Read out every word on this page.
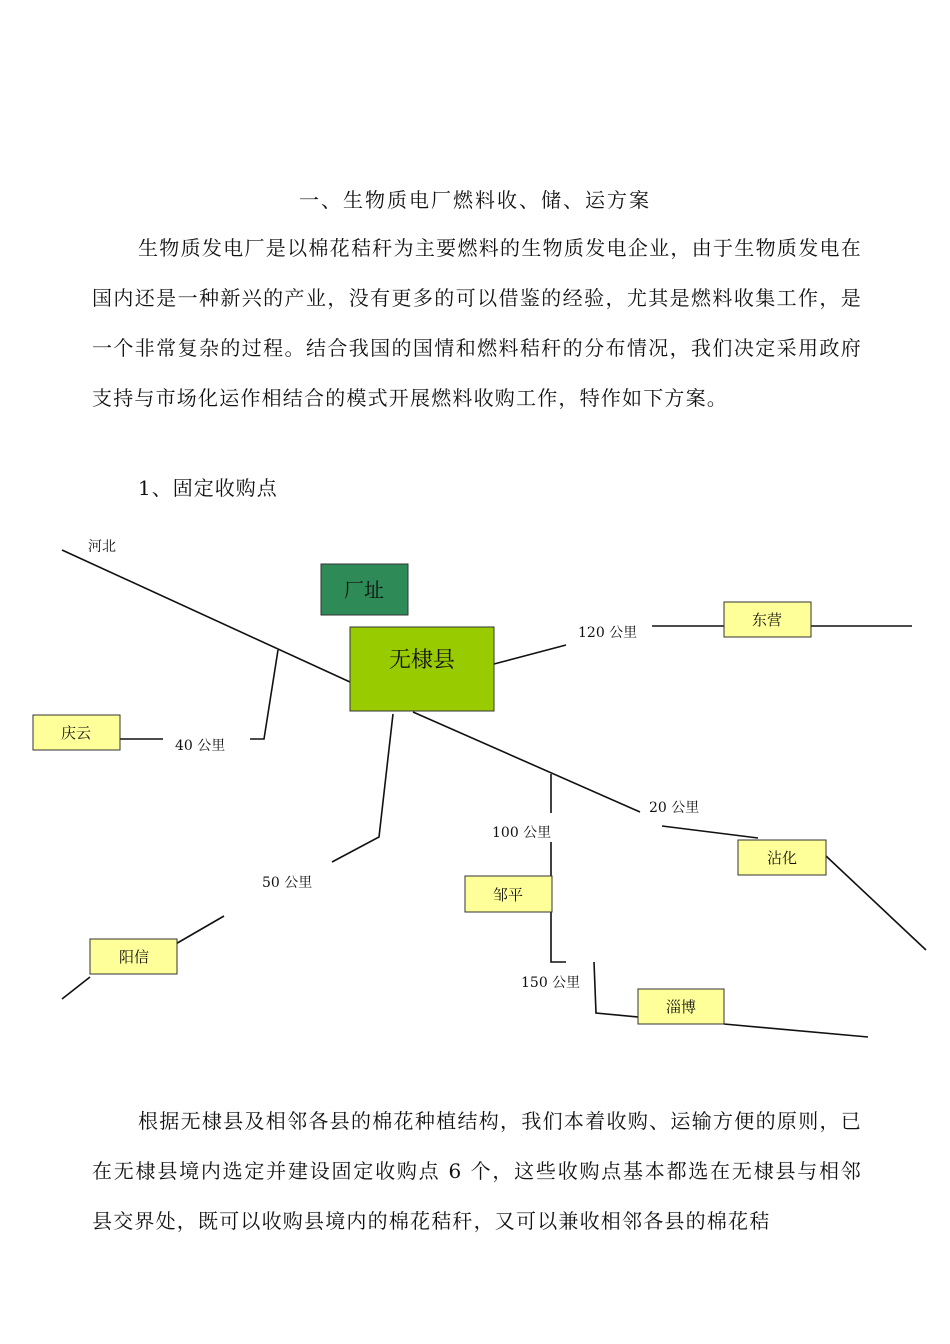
一、生物质电厂燃料收、储、运方案

生物质发电厂是以棉花秸秆为主要燃料的生物质发电企业，由于生物质发电在国内还是一种新兴的产业，没有更多的可以借鉴的经验，尤其是燃料收集工作，是一个非常复杂的过程。结合我国的国情和燃料秸秆的分布情况，我们决定采用政府支持与市场化运作相结合的模式开展燃料收购工作，特作如下方案。

1、固定收购点
厂址
无棣县
河北
东营
庆云
沾化
邹平
阳信
淄博
120 公里
40 公里
20 公里
100 公里
50 公里
150 公里

根据无棣县及相邻各县的棉花种植结构，我们本着收购、运输方便的原则，已在无棣县境内选定并建设固定收购点 6 个，这些收购点基本都选在无棣县与相邻县交界处，既可以收购县境内的棉花秸秆，又可以兼收相邻各县的棉花秸
